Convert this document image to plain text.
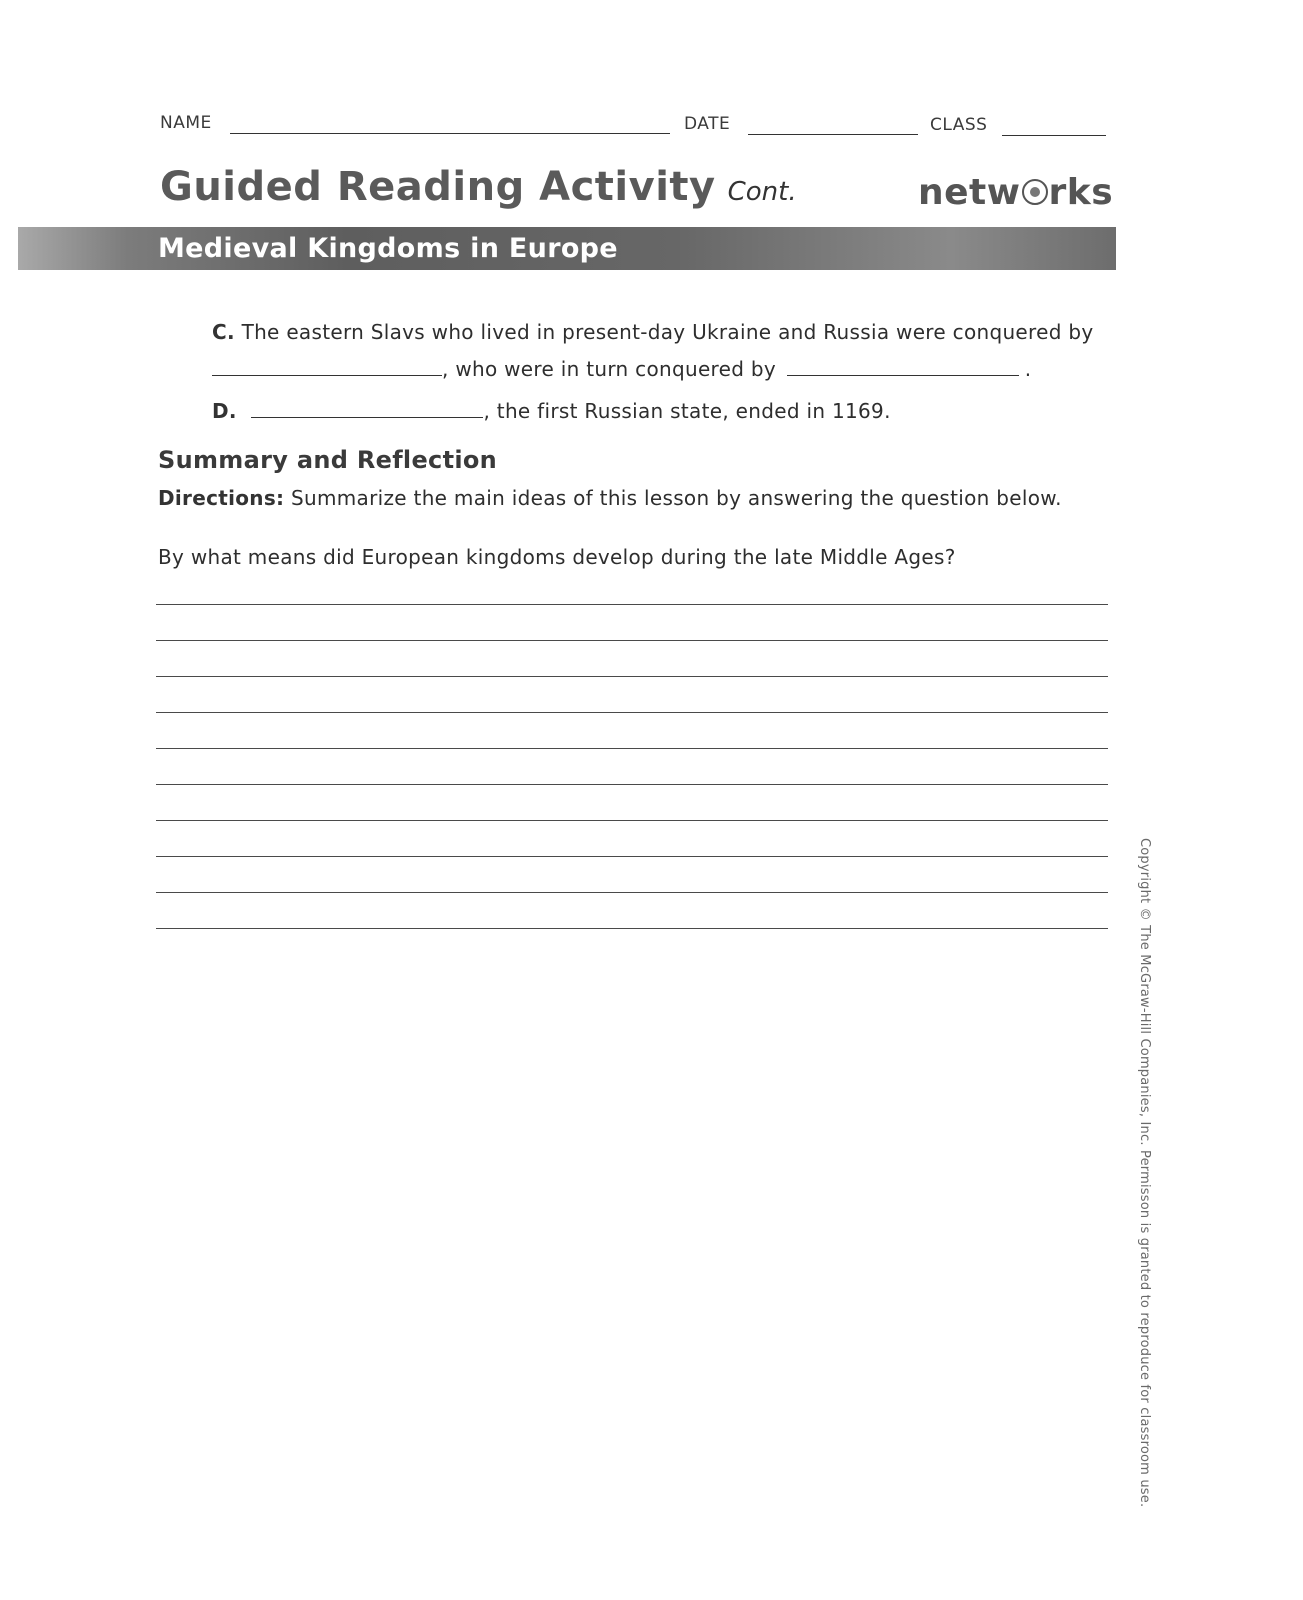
NAME	DATE	CLASS
Guided Reading Activity Cont.	netw rks
Medieval Kingdoms in Europe
C. The eastern Slavs who lived in present-day Ukraine and Russia were conquered by
, who were in turn conquered by	.
D.	, the first Russian state, ended in 1169.
Summary and Reflection
Directions: Summarize the main ideas of this lesson by answering the question below.
By what means did European kingdoms develop during the late Middle Ages?
Copyright © The McGraw-Hill Companies, Inc. Permisson is granted to reproduce for classroom use.
